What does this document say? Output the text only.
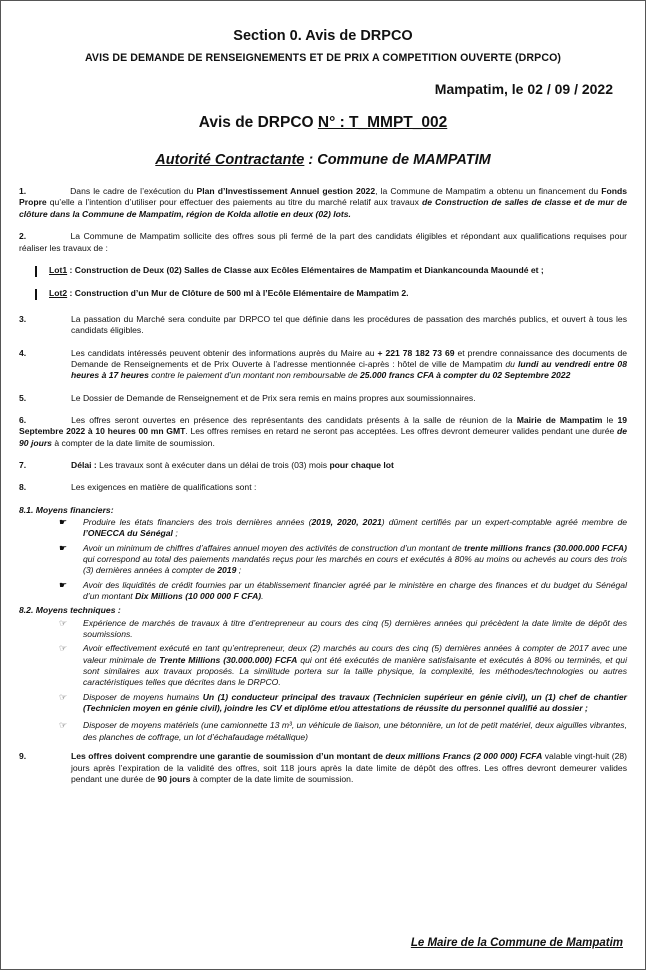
Section 0. Avis de DRPCO
AVIS DE DEMANDE DE RENSEIGNEMENTS ET DE PRIX A COMPETITION OUVERTE (DRPCO)
Mampatim, le 02 / 09 / 2022
Avis de DRPCO N° : T_MMPT_002
Autorité Contractante : Commune de MAMPATIM
1.	Dans le cadre de l’exécution du Plan d’Investissement Annuel gestion 2022, la Commune de Mampatim a obtenu un financement du Fonds Propre qu’elle a l’intention d’utiliser pour effectuer des paiements au titre du marché relatif aux travaux de Construction de salles de classe et de mur de clôture dans la Commune de Mampatim, région de Kolda allotie en deux (02) lots.
2.	La Commune de Mampatim sollicite des offres sous pli fermé de la part des candidats éligibles et répondant aux qualifications requises pour réaliser les travaux de :
Lot1 : Construction de Deux (02) Salles de Classe aux Ecôles Elémentaires de Mampatim et Diankancounda Maoundé et ;
Lot2 : Construction d’un Mur de Clôture de 500 ml à l’Ecôle Elémentaire de Mampatim 2.
3.	La passation du Marché sera conduite par DRPCO tel que définie dans les procédures de passation des marchés publics, et ouvert à tous les candidats éligibles.
4.	Les candidats intéressés peuvent obtenir des informations auprès du Maire au + 221 78 182 73 69 et prendre connaissance des documents de Demande de Renseignements et de Prix Ouverte à l’adresse mentionnée ci-après : hôtel de ville de Mampatim du lundi au vendredi entre 08 heures à 17 heures contre le paiement d’un montant non remboursable de 25.000 francs CFA à compter du 02 Septembre 2022
5.	Le Dossier de Demande de Renseignement et de Prix sera remis en mains propres aux soumissionnaires.
6.	Les offres seront ouvertes en présence des représentants des candidats présents à la salle de réunion de la Mairie de Mampatim le 19 Septembre 2022 à 10 heures 00 mn GMT. Les offres remises en retard ne seront pas acceptées. Les offres devront demeurer valides pendant une durée de 90 jours à compter de la date limite de soumission.
7.	Délai : Les travaux sont à exécuter dans un délai de trois (03) mois pour chaque lot
8.	Les exigences en matière de qualifications sont :
8.1. Moyens financiers:
☛	Produire les états financiers des trois dernières années (2019, 2020, 2021) dûment certifiés par un expert-comptable agréé membre de l’ONECCA du Sénégal ;
☛	Avoir un minimum de chiffres d’affaires annuel moyen des activités de construction d’un montant de trente millions francs (30.000.000 FCFA) qui correspond au total des paiements mandatés reçus pour les marchés en cours et exécutés à 80% au moins ou achevés au cours des trois (3) dernières années à compter de 2019 ;
☛	Avoir des liquidités de crédit fournies par un établissement financier agréé par le ministère en charge des finances et du budget du Sénégal d’un montant Dix Millions (10 000 000 F CFA).
8.2. Moyens techniques :
☞	Expérience de marchés de travaux à titre d’entrepreneur au cours des cinq (5) dernières années qui précèdent la date limite de dépôt des soumissions.
☞	Avoir effectivement exécuté en tant qu’entrepreneur, deux (2) marchés au cours des cinq (5) dernières années à compter de 2017 avec une valeur minimale de Trente Millions (30.000.000) FCFA qui ont été exécutés de manière satisfaisante et exécutés à 80% ou terminés, et qui sont similaires aux travaux proposés. La similitude portera sur la taille physique, la complexité, les méthodes/technologies ou autres caractéristiques telles que décrites dans le DRPCO.
☞	Disposer de moyens humains Un (1) conducteur principal des travaux (Technicien supérieur en génie civil), un (1) chef de chantier (Technicien moyen en génie civil), joindre les CV et diplôme et/ou attestations de réussite du personnel qualifié au dossier ;
☞	Disposer de moyens matériels (une camionnette 13 m³, un véhicule de liaison, une bétonnière, un lot de petit matériel, deux aiguilles vibrantes, des planches de coffrage, un lot d’échafaudage métallique)
9.	Les offres doivent comprendre une garantie de soumission d’un montant de deux millions Francs (2 000 000) FCFA valable vingt-huit (28) jours après l’expiration de la validité des offres, soit 118 jours après la date limite de dépôt des offres. Les offres devront demeurer valides pendant une durée de 90 jours à compter de la date limite de soumission.
Le Maire de la Commune de Mampatim
